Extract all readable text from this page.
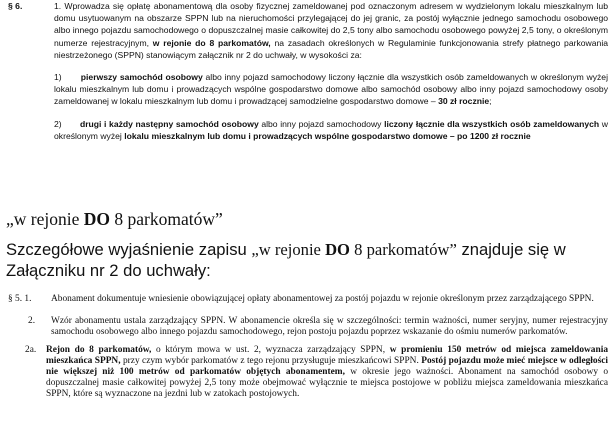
§ 6.	1. Wprowadza się opłatę abonamentową dla osoby fizycznej zameldowanej pod oznaczonym adresem w wydzielonym lokalu mieszkalnym lub domu usytuowanym na obszarze SPPN lub na nieruchomości przylegającej do jej granic, za postój wyłącznie jednego samochodu osobowego albo innego pojazdu samochodowego o dopuszczalnej masie całkowitej do 2,5 tony albo samochodu osobowego powyżej 2,5 tony, o określonym numerze rejestracyjnym, w rejonie do 8 parkomatów, na zasadach określonych w Regulaminie funkcjonowania strefy płatnego parkowania niestrzeżonego (SPPN) stanowiącym załącznik nr 2 do uchwały, w wysokości za:

1) pierwszy samochód osobowy albo inny pojazd samochodowy liczony łącznie dla wszystkich osób zameldowanych w określonym wyżej lokalu mieszkalnym lub domu i prowadzących wspólne gospodarstwo domowe albo samochód osobowy albo inny pojazd samochodowy osoby zameldowanej w lokalu mieszkalnym lub domu i prowadzącej samodzielne gospodarstwo domowe – 30 zł rocznie;

2) drugi i każdy następny samochód osobowy albo inny pojazd samochodowy liczony łącznie dla wszystkich osób zameldowanych w określonym wyżej lokalu mieszkalnym lub domu i prowadzących wspólne gospodarstwo domowe – po 1200 zł rocznie

„w rejonie DO 8 parkomatów”
Szczegółowe wyjaśnienie zapisu „w rejonie DO 8 parkomatów” znajduje się w Załączniku nr 2 do uchwały:
§ 5. 1. Abonament dokumentuje wniesienie obowiązującej opłaty abonamentowej za postój pojazdu w rejonie określonym przez zarządzającego SPPN.
2. Wzór abonamentu ustala zarządzający SPPN. W abonamencie określa się w szczególności: termin ważności, numer seryjny, numer rejestracyjny samochodu osobowego albo innego pojazdu samochodowego, rejon postoju pojazdu poprzez wskazanie do ośmiu numerów parkomatów.
2a. Rejon do 8 parkomatów, o którym mowa w ust. 2, wyznacza zarządzający SPPN, w promieniu 150 metrów od miejsca zameldowania mieszkańca SPPN, przy czym wybór parkomatów z tego rejonu przysługuje mieszkańcowi SPPN. Postój pojazdu może mieć miejsce w odległości nie większej niż 100 metrów od parkomatów objętych abonamentem, w okresie jego ważności. Abonament na samochód osobowy o dopuszczalnej masie całkowitej powyżej 2,5 tony może obejmować wyłącznie te miejsca postojowe w pobliżu miejsca zameldowania mieszkańca SPPN, które są wyznaczone na jezdni lub w zatokach postojowych.
